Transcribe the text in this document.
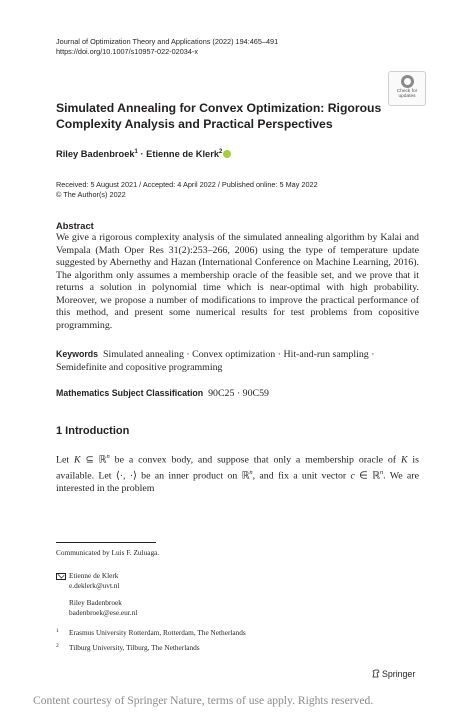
Journal of Optimization Theory and Applications (2022) 194:465–491
https://doi.org/10.1007/s10957-022-02034-x
Check for
updates
Simulated Annealing for Convex Optimization: Rigorous Complexity Analysis and Practical Perspectives
Riley Badenbroek$^1$ · Etienne de Klerk$^2$
Received: 5 August 2021 / Accepted: 4 April 2022 / Published online: 5 May 2022
© The Author(s) 2022
Abstract
We give a rigorous complexity analysis of the simulated annealing algorithm by Kalai and Vempala (Math Oper Res 31(2):253–266, 2006) using the type of temperature update suggested by Abernethy and Hazan (International Conference on Machine Learning, 2016). The algorithm only assumes a membership oracle of the feasible set, and we prove that it returns a solution in polynomial time which is near-optimal with high probability. Moreover, we propose a number of modifications to improve the practical performance of this method, and present some numerical results for test problems from copositive programming.
Keywords Simulated annealing · Convex optimization · Hit-and-run sampling · Semidefinite and copositive programming
Mathematics Subject Classification 90C25 · 90C59
1 Introduction
Let K ⊆ ℝ$^n$ be a convex body, and suppose that only a membership oracle of K is
available. Let ⟨·, ·⟩ be an inner product on ℝ$^n$, and fix a unit vector c ∈ ℝ$^n$. We are
interested in the problem
Communicated by Luis F. Zuluaga.
Etienne de Klerk
e.deklerk@uvt.nl
Riley Badenbroek
badenbroek@ese.eur.nl
1 Erasmus University Rotterdam, Rotterdam, The Netherlands
2 Tilburg University, Tilburg, The Netherlands
Springer
Content courtesy of Springer Nature, terms of use apply. Rights reserved.
